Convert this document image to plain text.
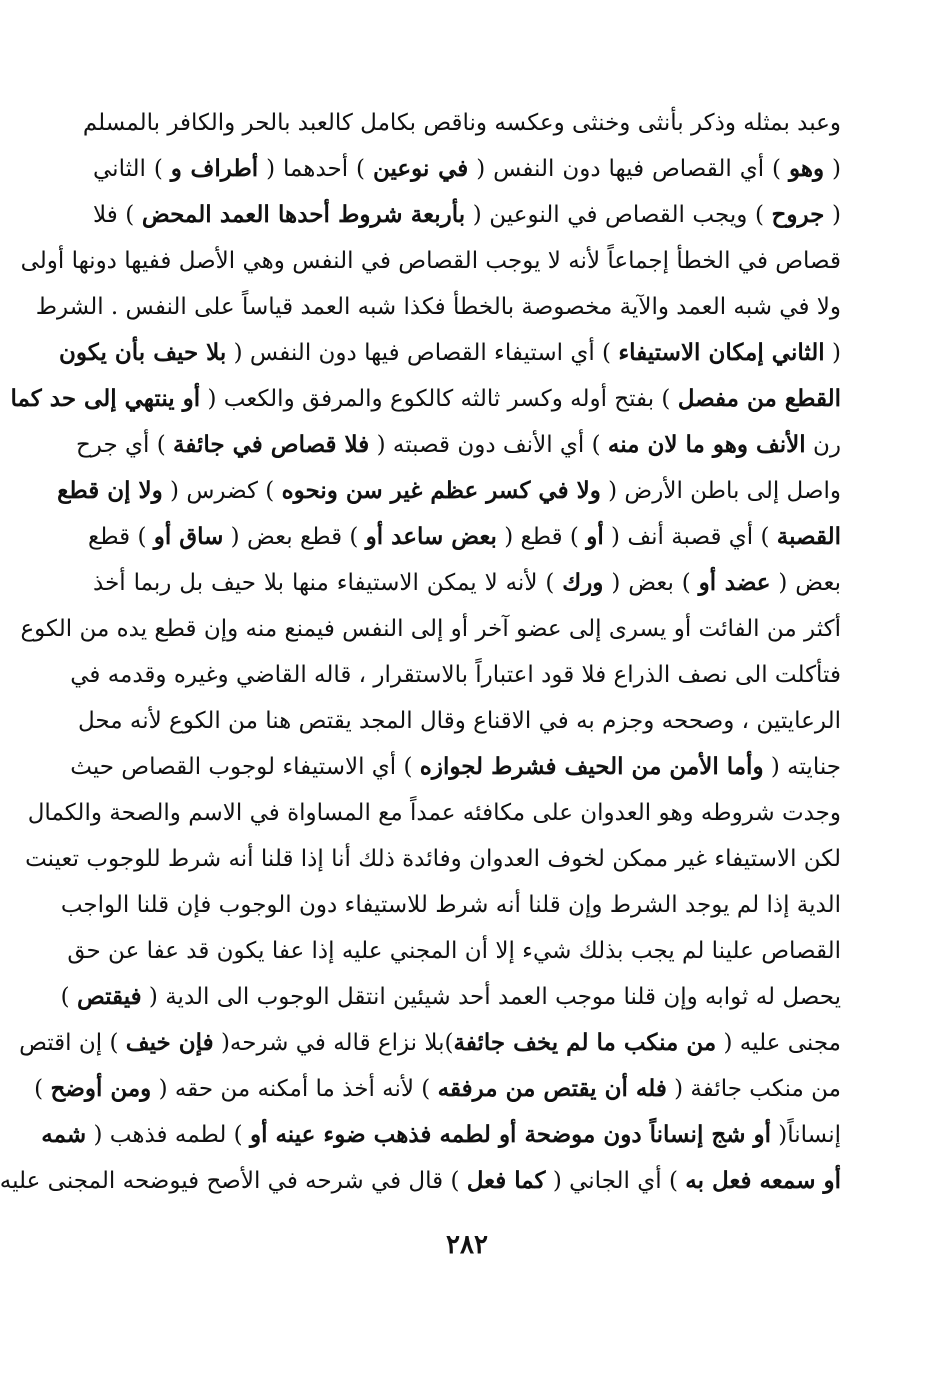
وعبد بمثله وذكر بأنثى وخنثى وعكسه وناقص بكامل كالعبد بالحر والكافر بالمسلم
( وهو ) أي القصاص فيها دون النفس ( في نوعين ) أحدهما ( أطراف و ) الثاني
( جروح ) ويجب القصاص في النوعين ( بأربعة شروط أحدها العمد المحض ) فلا
قصاص في الخطأ إجماعاً لأنه لا يوجب القصاص في النفس وهي الأصل ففيها دونها أولى
ولا في شبه العمد والآية مخصوصة بالخطأ فكذا شبه العمد قياساً على النفس . الشرط
( الثاني إمكان الاستيفاء ) أي استيفاء القصاص فيها دون النفس ( بلا حيف بأن يكون
القطع من مفصل ) بفتح أوله وكسر ثالثه كالكوع والمرفق والكعب ( أو ينتهي إلى حد كما
رن الأنف وهو ما لان منه ) أي الأنف دون قصبته ( فلا قصاص في جائفة ) أي جرح
واصل إلى باطن الأرض ( ولا في كسر عظم غير سن ونحوه ) كضرس ( ولا إن قطع
القصبة ) أي قصبة أنف ( أو ) قطع ( بعض ساعد أو ) قطع بعض ( ساق أو ) قطع
بعض ( عضد أو ) بعض ( ورك ) لأنه لا يمكن الاستيفاء منها بلا حيف بل ربما أخذ
أكثر من الفائت أو يسرى إلى عضو آخر أو إلى النفس فيمنع منه وإن قطع يده من الكوع
فتأكلت الى نصف الذراع فلا قود اعتباراً بالاستقرار ، قاله القاضي وغيره وقدمه في
الرعايتين ، وصححه وجزم به في الاقناع وقال المجد يقتص هنا من الكوع لأنه محل
جنايته ( وأما الأمن من الحيف فشرط لجوازه ) أي الاستيفاء لوجوب القصاص حيث
وجدت شروطه وهو العدوان على مكافئه عمداً مع المساواة في الاسم والصحة والكمال
لكن الاستيفاء غير ممكن لخوف العدوان وفائدة ذلك أنا إذا قلنا أنه شرط للوجوب تعينت
الدية إذا لم يوجد الشرط وإن قلنا أنه شرط للاستيفاء دون الوجوب فإن قلنا الواجب
القصاص علينا لم يجب بذلك شيء إلا أن المجني عليه إذا عفا يكون قد عفا عن حق
يحصل له ثوابه وإن قلنا موجب العمد أحد شيئين انتقل الوجوب الى الدية ( فيقتص )
مجنى عليه ( من منكب ما لم يخف جائفة)بلا نزاع قاله في شرحه( فإن خيف ) إن اقتص
من منكب جائفة ( فله أن يقتص من مرفقه ) لأنه أخذ ما أمكنه من حقه ( ومن أوضح )
إنساناً( أو شج إنساناً دون موضحة أو لطمه فذهب ضوء عينه أو ) لطمه فذهب ( شمه
أو سمعه فعل به ) أي الجاني ( كما فعل ) قال في شرحه في الأصح فيوضحه المجنى عليه
٢٨٢
